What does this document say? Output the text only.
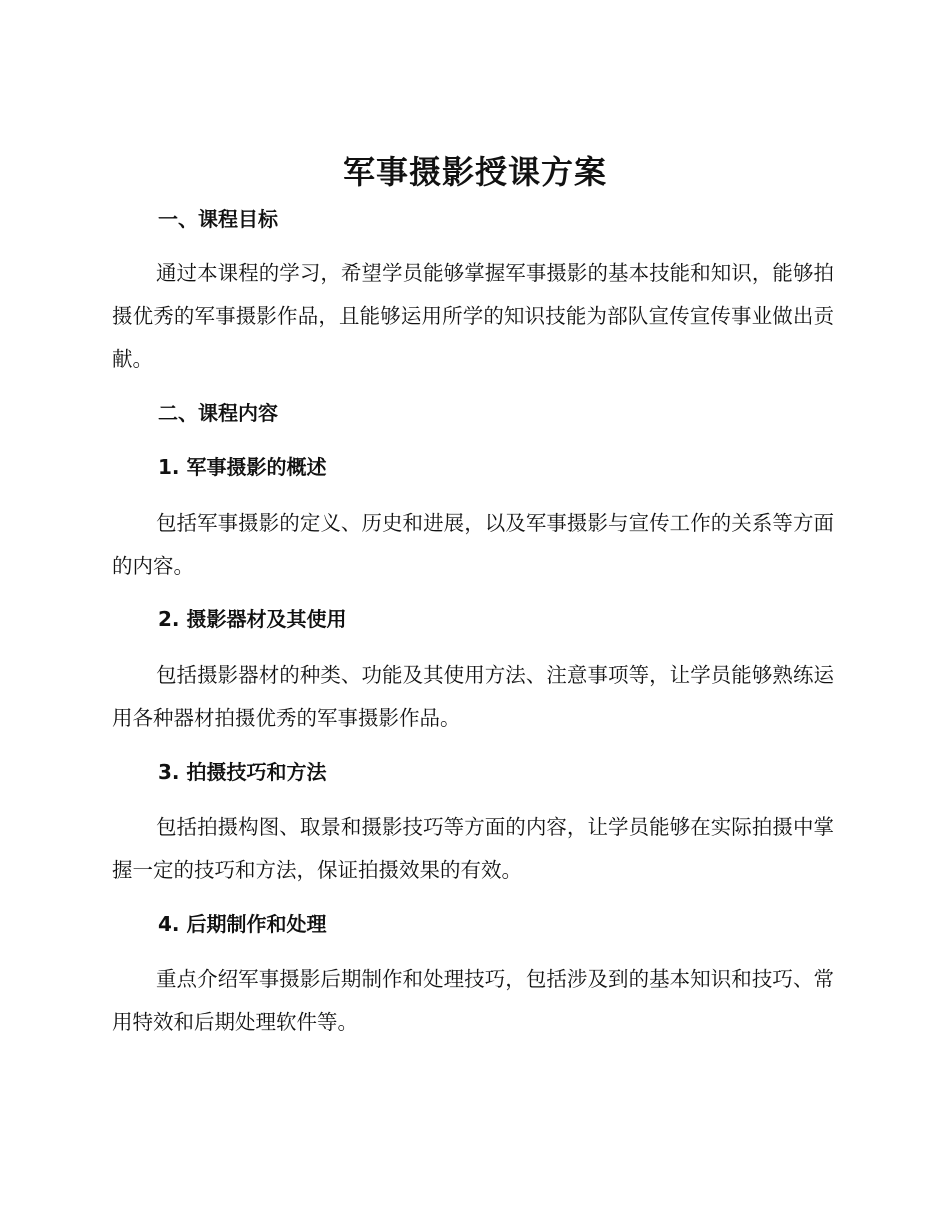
军事摄影授课方案
一、课程目标
通过本课程的学习，希望学员能够掌握军事摄影的基本技能和知识，能够拍摄优秀的军事摄影作品，且能够运用所学的知识技能为部队宣传宣传事业做出贡献。
二、课程内容
1. 军事摄影的概述
包括军事摄影的定义、历史和进展，以及军事摄影与宣传工作的关系等方面的内容。
2. 摄影器材及其使用
包括摄影器材的种类、功能及其使用方法、注意事项等，让学员能够熟练运用各种器材拍摄优秀的军事摄影作品。
3. 拍摄技巧和方法
包括拍摄构图、取景和摄影技巧等方面的内容，让学员能够在实际拍摄中掌握一定的技巧和方法，保证拍摄效果的有效。
4. 后期制作和处理
重点介绍军事摄影后期制作和处理技巧，包括涉及到的基本知识和技巧、常用特效和后期处理软件等。
